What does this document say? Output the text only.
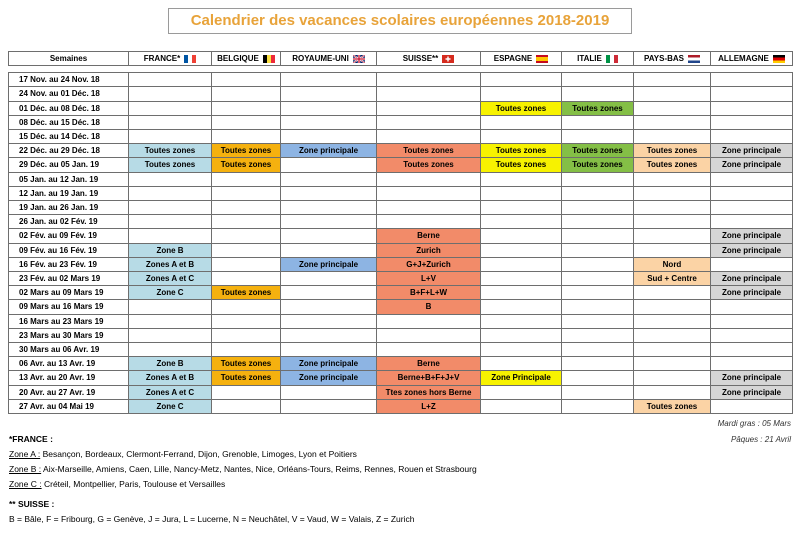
Calendrier des vacances scolaires européennes 2018-2019
Semaines	FRANCE*	BELGIQUE	ROYAUME-UNI	SUISSE**	ESPAGNE	ITALIE	PAYS-BAS	ALLEMAGNE

17 Nov. au 24 Nov. 18								
24 Nov. au 01 Déc. 18								
01 Déc. au 08 Déc. 18					Toutes zones	Toutes zones		
08 Déc. au 15 Déc. 18								
15 Déc. au 14 Déc. 18								
22 Déc. au 29 Déc. 18	Toutes zones	Toutes zones	Zone principale	Toutes zones	Toutes zones	Toutes zones	Toutes zones	Zone principale
29 Déc. au 05 Jan. 19	Toutes zones	Toutes zones		Toutes zones	Toutes zones	Toutes zones	Toutes zones	Zone principale
05 Jan. au 12 Jan. 19								
12 Jan. au 19 Jan. 19								
19 Jan. au 26 Jan. 19								
26 Jan. au 02 Fév. 19								
02 Fév. au 09 Fév. 19				Berne				Zone principale
09 Fév. au 16 Fév. 19	Zone B			Zurich				Zone principale
16 Fév. au 23 Fév. 19	Zones A et B		Zone principale	G+J+Zurich			Nord	
23 Fév. au 02 Mars 19	Zones A et C			L+V			Sud + Centre	Zone principale
02 Mars au 09 Mars 19	Zone C	Toutes zones		B+F+L+W				Zone principale
09 Mars au 16 Mars 19				B				
16 Mars au 23 Mars 19								
23 Mars au 30 Mars 19								
30 Mars au 06 Avr. 19								
06 Avr. au 13 Avr. 19	Zone B	Toutes zones	Zone principale	Berne				
13 Avr. au 20 Avr. 19	Zones A et B	Toutes zones	Zone principale	Berne+B+F+J+V	Zone Principale			Zone principale
20 Avr. au 27 Avr. 19	Zones A et C			Ttes zones hors Berne				Zone principale
27 Avr. au 04 Mai 19	Zone C			L+Z			Toutes zones	
Mardi gras : 05 Mars
Pâques : 21 Avril
*FRANCE :
Zone A : Besançon, Bordeaux, Clermont-Ferrand, Dijon, Grenoble, Limoges, Lyon et Poitiers
Zone B : Aix-Marseille, Amiens, Caen, Lille, Nancy-Metz, Nantes, Nice, Orléans-Tours, Reims, Rennes, Rouen et Strasbourg
Zone C : Créteil, Montpellier, Paris, Toulouse et Versailles
** SUISSE :
B = Bâle, F = Fribourg, G = Genève, J = Jura, L = Lucerne, N = Neuchâtel, V = Vaud, W = Valais, Z = Zurich
